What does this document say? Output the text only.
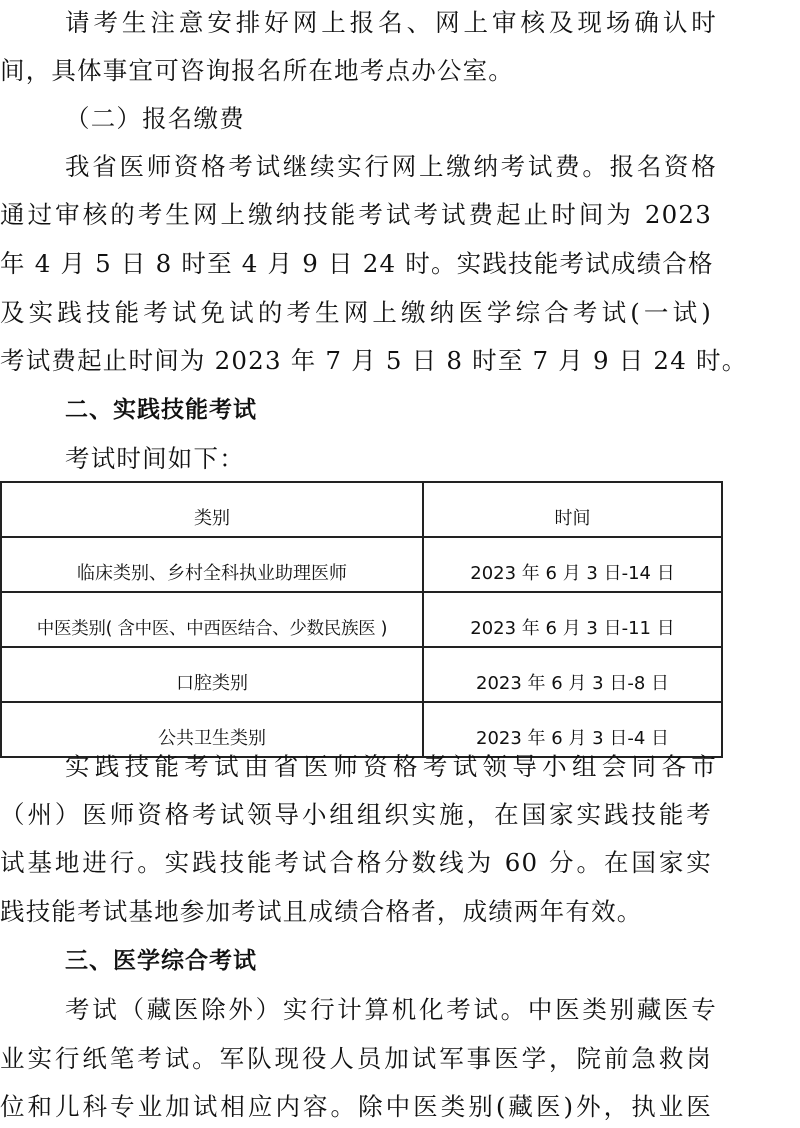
请考生注意安排好网上报名、网上审核及现场确认时
间，具体事宜可咨询报名所在地考点办公室。
（二）报名缴费
我省医师资格考试继续实行网上缴纳考试费。报名资格
通过审核的考生网上缴纳技能考试考试费起止时间为 2023
年 4 月 5 日 8 时至 4 月 9 日 24 时。实践技能考试成绩合格
及实践技能考试免试的考生网上缴纳医学综合考试(一试)
考试费起止时间为 2023 年 7 月 5 日 8 时至 7 月 9 日 24 时。
二、实践技能考试
考试时间如下：
类别	时间
临床类别、乡村全科执业助理医师	2023 年 6 月 3 日-14 日
中医类别( 含中医、中西医结合、少数民族医 )	2023 年 6 月 3 日-11 日
口腔类别	2023 年 6 月 3 日-8 日
公共卫生类别	2023 年 6 月 3 日-4 日
实践技能考试由省医师资格考试领导小组会同各市
（州）医师资格考试领导小组组织实施，在国家实践技能考
试基地进行。实践技能考试合格分数线为 60 分。在国家实
践技能考试基地参加考试且成绩合格者，成绩两年有效。
三、医学综合考试
考试（藏医除外）实行计算机化考试。中医类别藏医专
业实行纸笔考试。军队现役人员加试军事医学，院前急救岗
位和儿科专业加试相应内容。除中医类别(藏医)外，执业医
